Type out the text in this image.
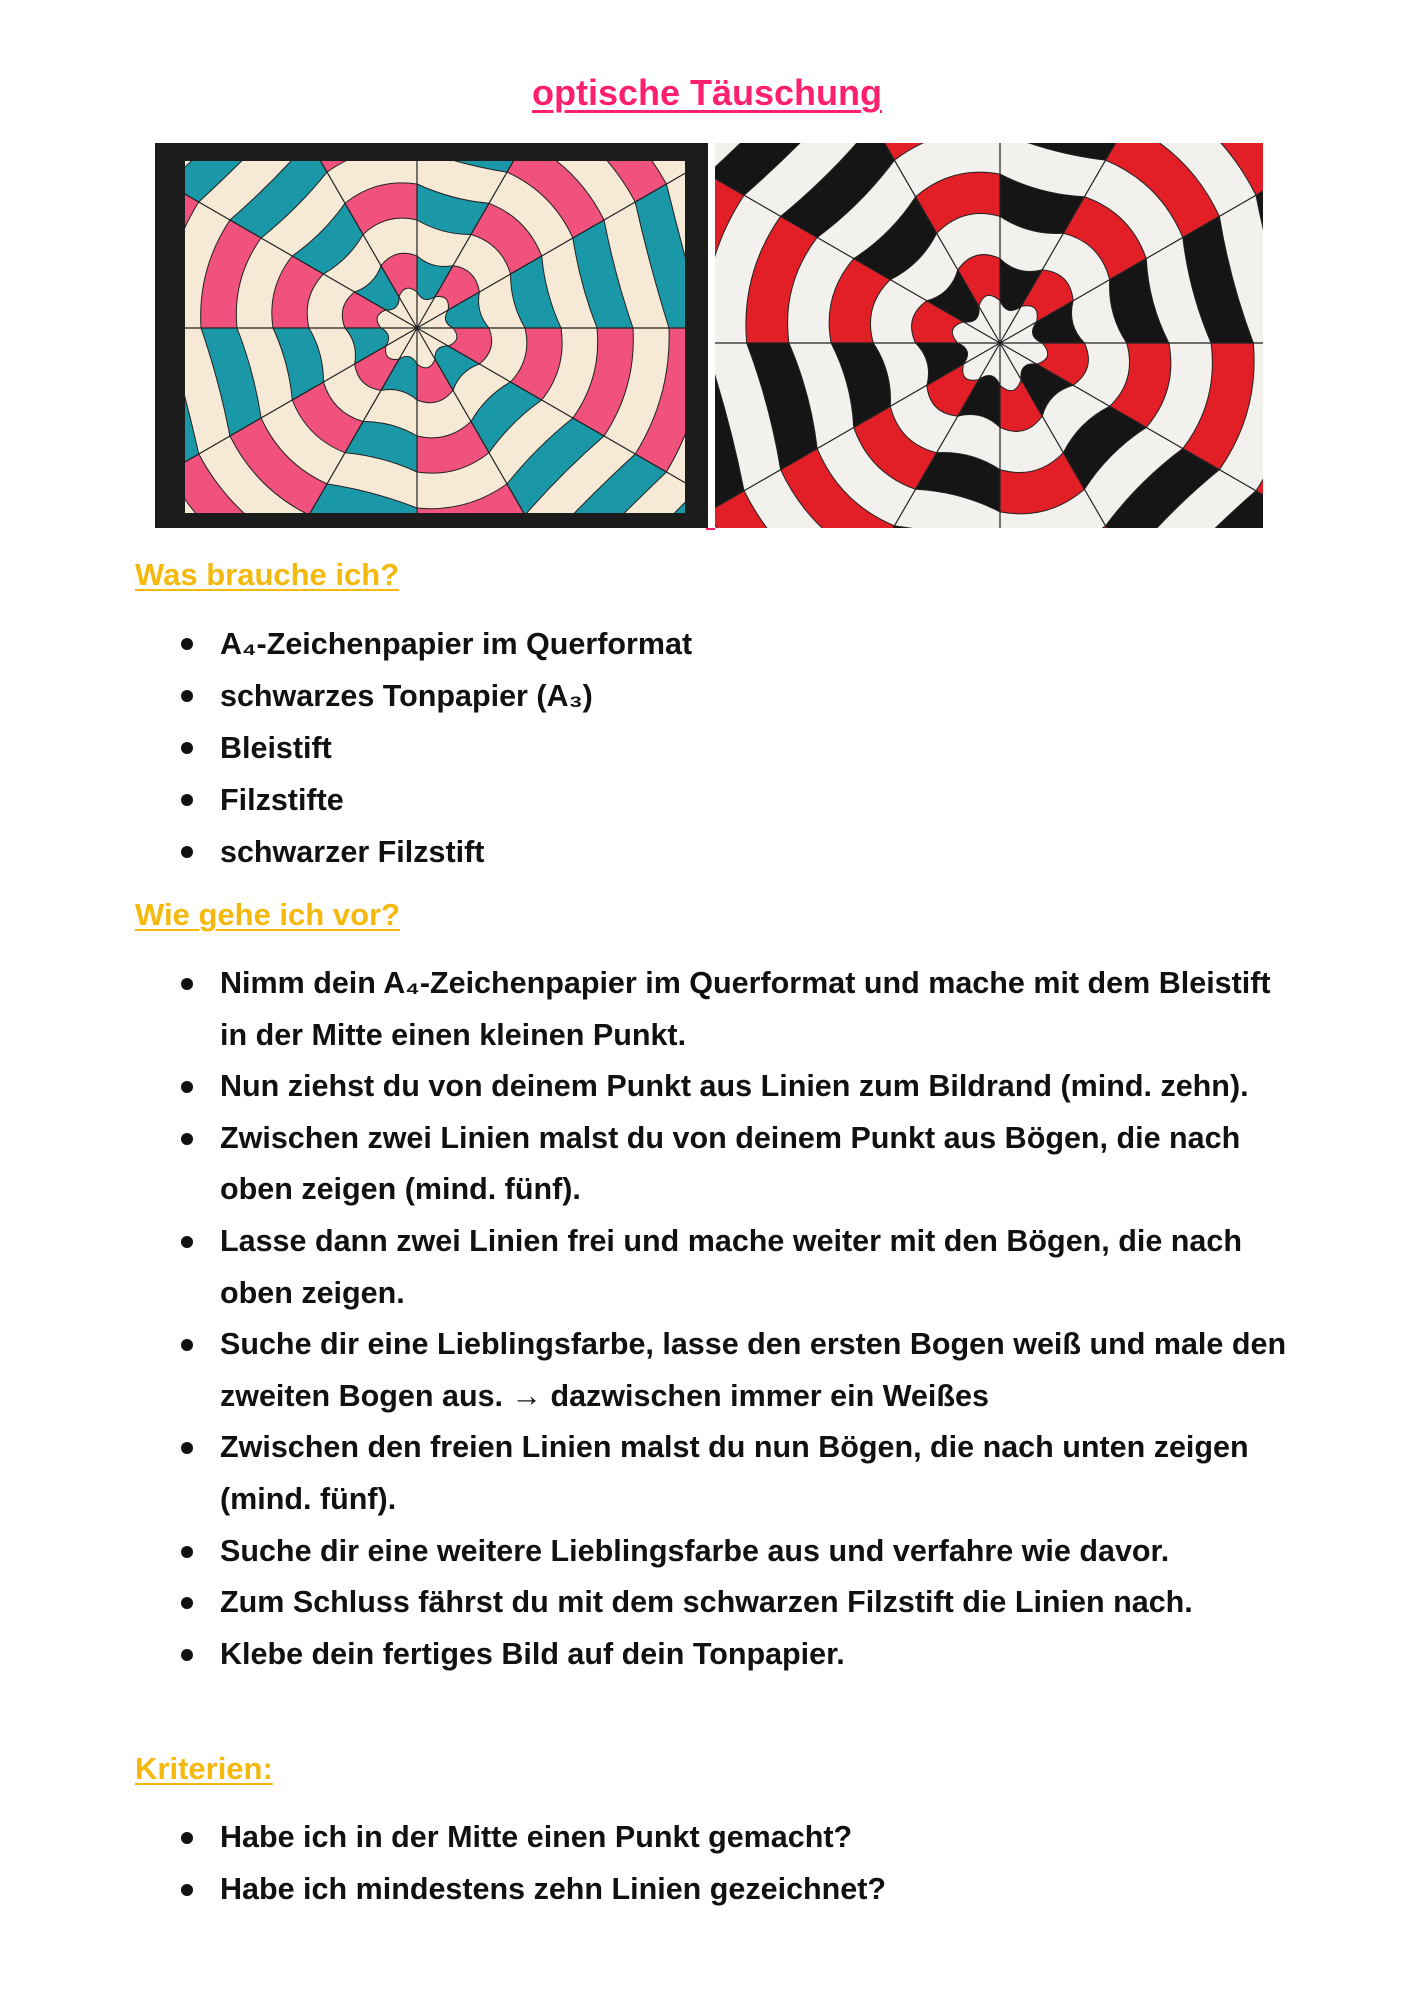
optische Täuschung
Was brauche ich?
A₄-Zeichenpapier im Querformat
schwarzes Tonpapier (A₃)
Bleistift
Filzstifte
schwarzer Filzstift
Wie gehe ich vor?
Nimm dein A₄-Zeichenpapier im Querformat und mache mit dem Bleistift in der Mitte einen kleinen Punkt.
Nun ziehst du von deinem Punkt aus Linien zum Bildrand (mind. zehn).
Zwischen zwei Linien malst du von deinem Punkt aus Bögen, die nach oben zeigen (mind. fünf).
Lasse dann zwei Linien frei und mache weiter mit den Bögen, die nach oben zeigen.
Suche dir eine Lieblingsfarbe, lasse den ersten Bogen weiß und male den zweiten Bogen aus. → dazwischen immer ein Weißes
Zwischen den freien Linien malst du nun Bögen, die nach unten zeigen (mind. fünf).
Suche dir eine weitere Lieblingsfarbe aus und verfahre wie davor.
Zum Schluss fährst du mit dem schwarzen Filzstift die Linien nach.
Klebe dein fertiges Bild auf dein Tonpapier.
Kriterien:
Habe ich in der Mitte einen Punkt gemacht?
Habe ich mindestens zehn Linien gezeichnet?
